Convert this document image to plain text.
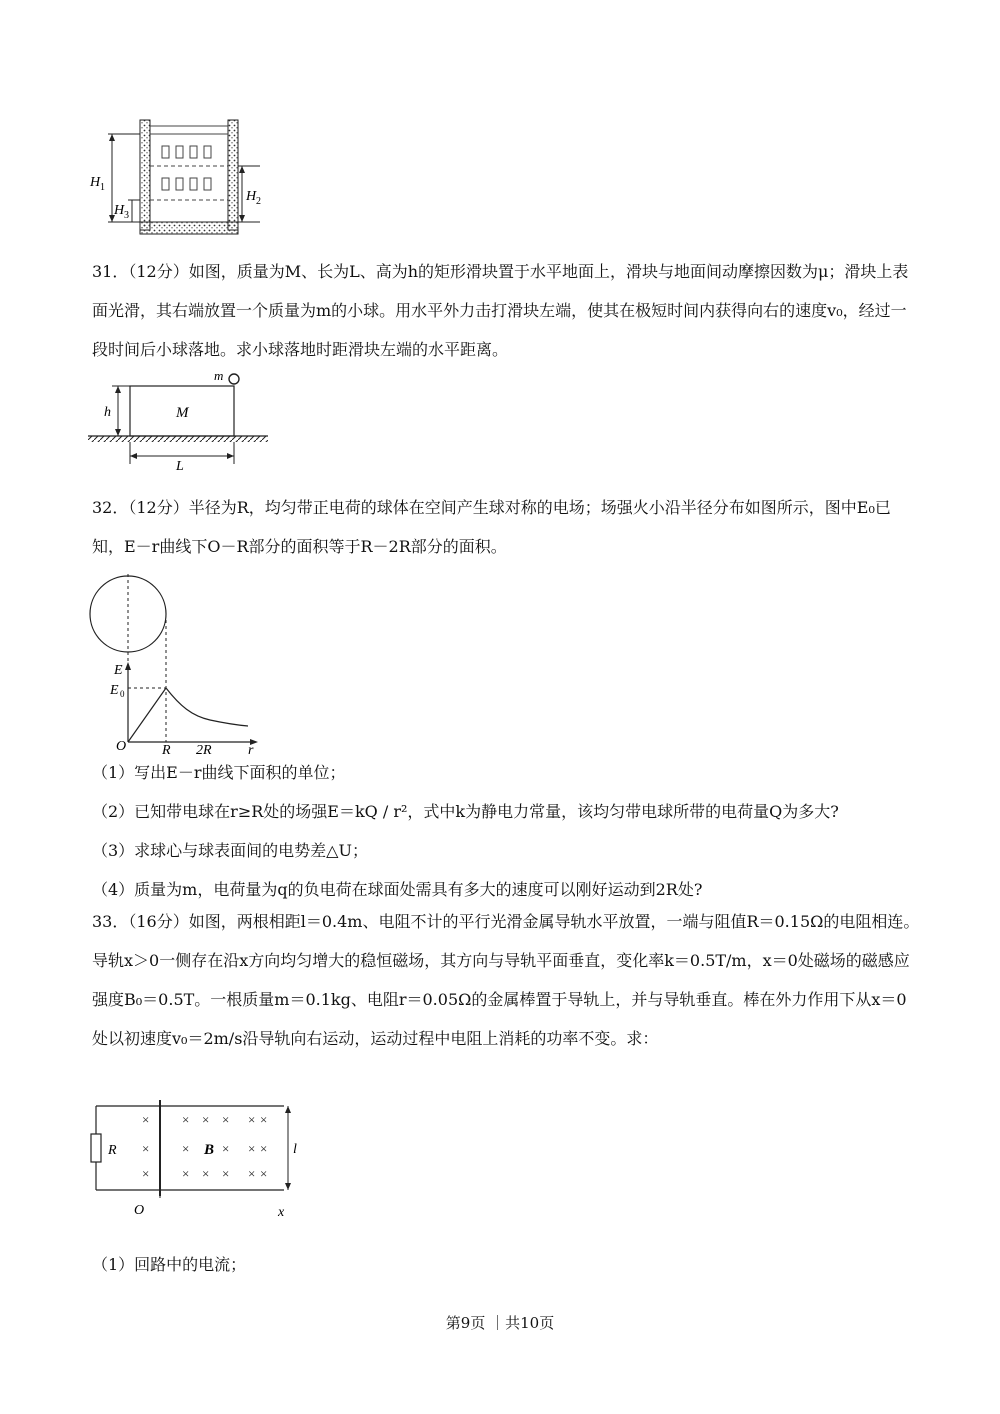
H 1
H 3
H 2
31．（12分）如图，质量为M、长为L、高为h的矩形滑块置于水平地面上，滑块与地面间动摩擦因数为μ；滑块上表面光滑，其右端放置一个质量为m的小球。用水平外力击打滑块左端，使其在极短时间内获得向右的速度v₀，经过一段时间后小球落地。求小球落地时距滑块左端的水平距离。
m
M
h
L
32．（12分）半径为R，均匀带正电荷的球体在空间产生球对称的电场；场强火小沿半径分布如图所示，图中E₀已知，E－r曲线下O－R部分的面积等于R－2R部分的面积。
E
E 0
O	R 2R	r
（1）写出E－r曲线下面积的单位；
（2）已知带电球在r≥R处的场强E＝kQ / r²，式中k为静电力常量，该均匀带电球所带的电荷量Q为多大?
（3）求球心与球表面间的电势差△U；
（4）质量为m，电荷量为q的负电荷在球面处需具有多大的速度可以刚好运动到2R处?
33．（16分）如图，两根相距l＝0.4m、电阻不计的平行光滑金属导轨水平放置，一端与阻值R＝0.15Ω的电阻相连。导轨x＞0一侧存在沿x方向均匀增大的稳恒磁场，其方向与导轨平面垂直，变化率k＝0.5T/m，x＝0处磁场的磁感应强度B₀＝0.5T。一根质量m＝0.1kg、电阻r＝0.05Ω的金属棒置于导轨上，并与导轨垂直。棒在外力作用下从x＝0处以初速度v₀＝2m/s沿导轨向右运动，运动过程中电阻上消耗的功率不变。求：
R
O	x
×
×
×
×
×
×
×
×
×
×
×
× ×
× ×
× ×
B	l
（1）回路中的电流；
第9页 ｜共10页
